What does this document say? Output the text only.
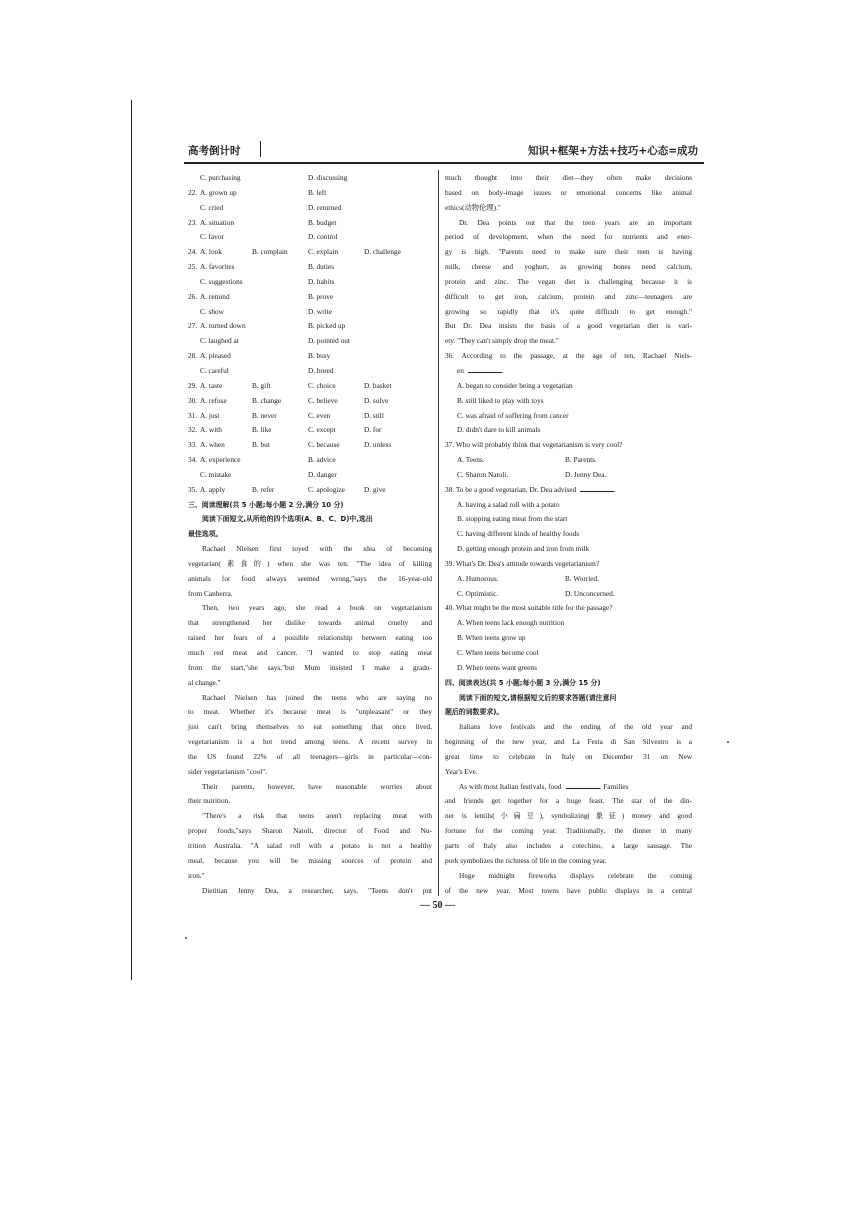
高考倒计时	知识+框架+方法+技巧+心态=成功
C. purchasing	D. discussing
22. A. grown up	B. left
C. cried	D. returned
23. A. situation	B. budget
C. favor	D. control
24. A. look	B. complain	C. explain	D. challenge
25. A. favorites	B. duties
C. suggestions	D. habits
26. A. remind	B. prove
C. show	D. write
27. A. turned down	B. picked up
C. laughed at	D. pointed out
28. A. pleased	B. busy
C. careful	D. bored
29. A. taste	B. gift	C. choice	D. basket
30. A. refuse	B. change	C. believe	D. solve
31. A. just	B. never	C. even	D. still
32. A. with	B. like	C. except	D. for
33. A. when	B. but	C. because	D. unless
34. A. experience	B. advice
C. mistake	D. danger
35. A. apply	B. refer	C. apologize	D. give
三、阅读理解(共 5 小题;每小题 2 分,满分 10 分)
阅读下面短文,从所给的四个选项(A、B、C、D)中,选出
最佳选项。
Rachael Nielsen first toyed with the idea of becoming
vegetarian(素食的) when she was ten. "The idea of killing
animals for food always seemed wrong,"says the 16-year-old
from Canberra.
Then, two years ago, she read a book on vegetarianism
that strengthened her dislike towards animal cruelty and
raised her fears of a possible relationship between eating too
much red meat and cancer. "I wanted to stop eating meat
from the start,"she says,"but Mum insisted I make a gradu-
al change."
Rachael Nielsen has joined the teens who are saying no
to meat. Whether it's because meat is "unpleasant" or they
just can't bring themselves to eat something that once lived,
vegetarianism is a hot trend among teens. A recent survey in
the US found 22% of all teenagers—girls in particular—con-
sider vegetarianism "cool".
Their parents, however, have reasonable worries about
their nutrition.
"There's a risk that teens aren't replacing meat with
proper foods,"says Sharon Natoli, director of Food and Nu-
trition Australia. "A salad roll with a potato is not a healthy
meal, because you will be missing sources of protein and
iron."
Dietitian Jenny Dea, a researcher, says, "Teens don't put
much thought into their diet—they often make decisions
based on body-image issues or emotional concerns like animal
ethics(动物伦理)."
Dr. Dea points out that the teen years are an important
period of development, when the need for nutrients and ener-
gy is high. "Parents need to make sure their teen is having
milk, cheese and yoghurt, as growing bones need calcium,
protein and zinc. The vegan diet is challenging because it is
difficult to get iron, calcium, protein and zinc—teenagers are
growing so rapidly that it's quite difficult to get enough."
But Dr. Dea insists the basis of a good vegetarian diet is vari-
ety. "They can't simply drop the meat."
36. According to the passage, at the age of ten, Rachael Niels-
en	.
A. began to consider being a vegetarian
B. still liked to play with toys
C. was afraid of suffering from cancer
D. didn't dare to kill animals
37. Who will probably think that vegetarianism is very cool?
A. Teens.	B. Parents.
C. Sharon Natoli.	D. Jenny Dea.
38. To be a good vegetarian, Dr. Dea advised	.
A. having a salad roll with a potato
B. stopping eating meat from the start
C. having different kinds of healthy foods
D. getting enough protein and iron from milk
39. What's Dr. Dea's attitude towards vegetarianism?
A. Humorous.	B. Worried.
C. Optimistic.	D. Unconcerned.
40. What might be the most suitable title for the passage?
A. When teens lack enough nutrition
B. When teens grow up
C. When teens become cool
D. When teens want greens
四、阅读表达(共 5 小题;每小题 3 分,满分 15 分)
阅读下面的短文,请根据短文后的要求答题(请注意问
题后的词数要求)。
Italians love festivals and the ending of the old year and
beginning of the new year, and La Festa di San Silvestro is a
great time to celebrate in Italy on December 31 on New
Year's Eve.
As with most Italian festivals, food	. Families
and friends get together for a huge feast. The star of the din-
ner is lentils(小扁豆), symbolizing(象征) money and good
fortune for the coming year. Traditionally, the dinner in many
parts of Italy also includes a cotechino, a large sausage. The
pork symbolizes the richness of life in the coming year.
Huge midnight fireworks displays celebrate the coming
of the new year. Most towns have public displays in a central
— 50 —
